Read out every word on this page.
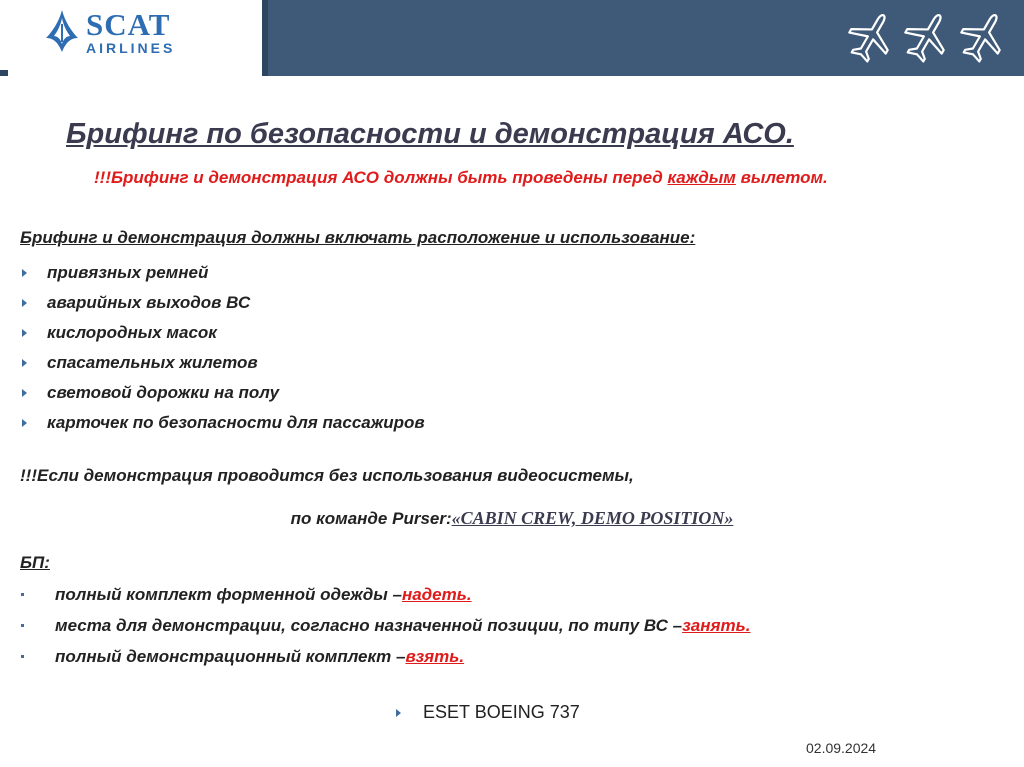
SCAT
AIRLINES
Брифинг по безопасности и демонстрация АСО.
!!!Брифинг и демонстрация АСО должны быть проведены перед каждым вылетом.
Брифинг и демонстрация должны включать расположение и использование:
привязных ремней
аварийных выходов ВС
кислородных масок
спасательных жилетов
световой дорожки на полу
карточек по безопасности для пассажиров
!!!Если демонстрация проводится без использования видеосистемы,
по команде Purser:«CABIN CREW, DEMO POSITION»
БП:
полный комплект форменной одежды – надеть.
места для демонстрации, согласно назначенной позиции, по типу ВС – занять.
полный демонстрационный комплект – взять.
ESET BOEING 737
02.09.2024
